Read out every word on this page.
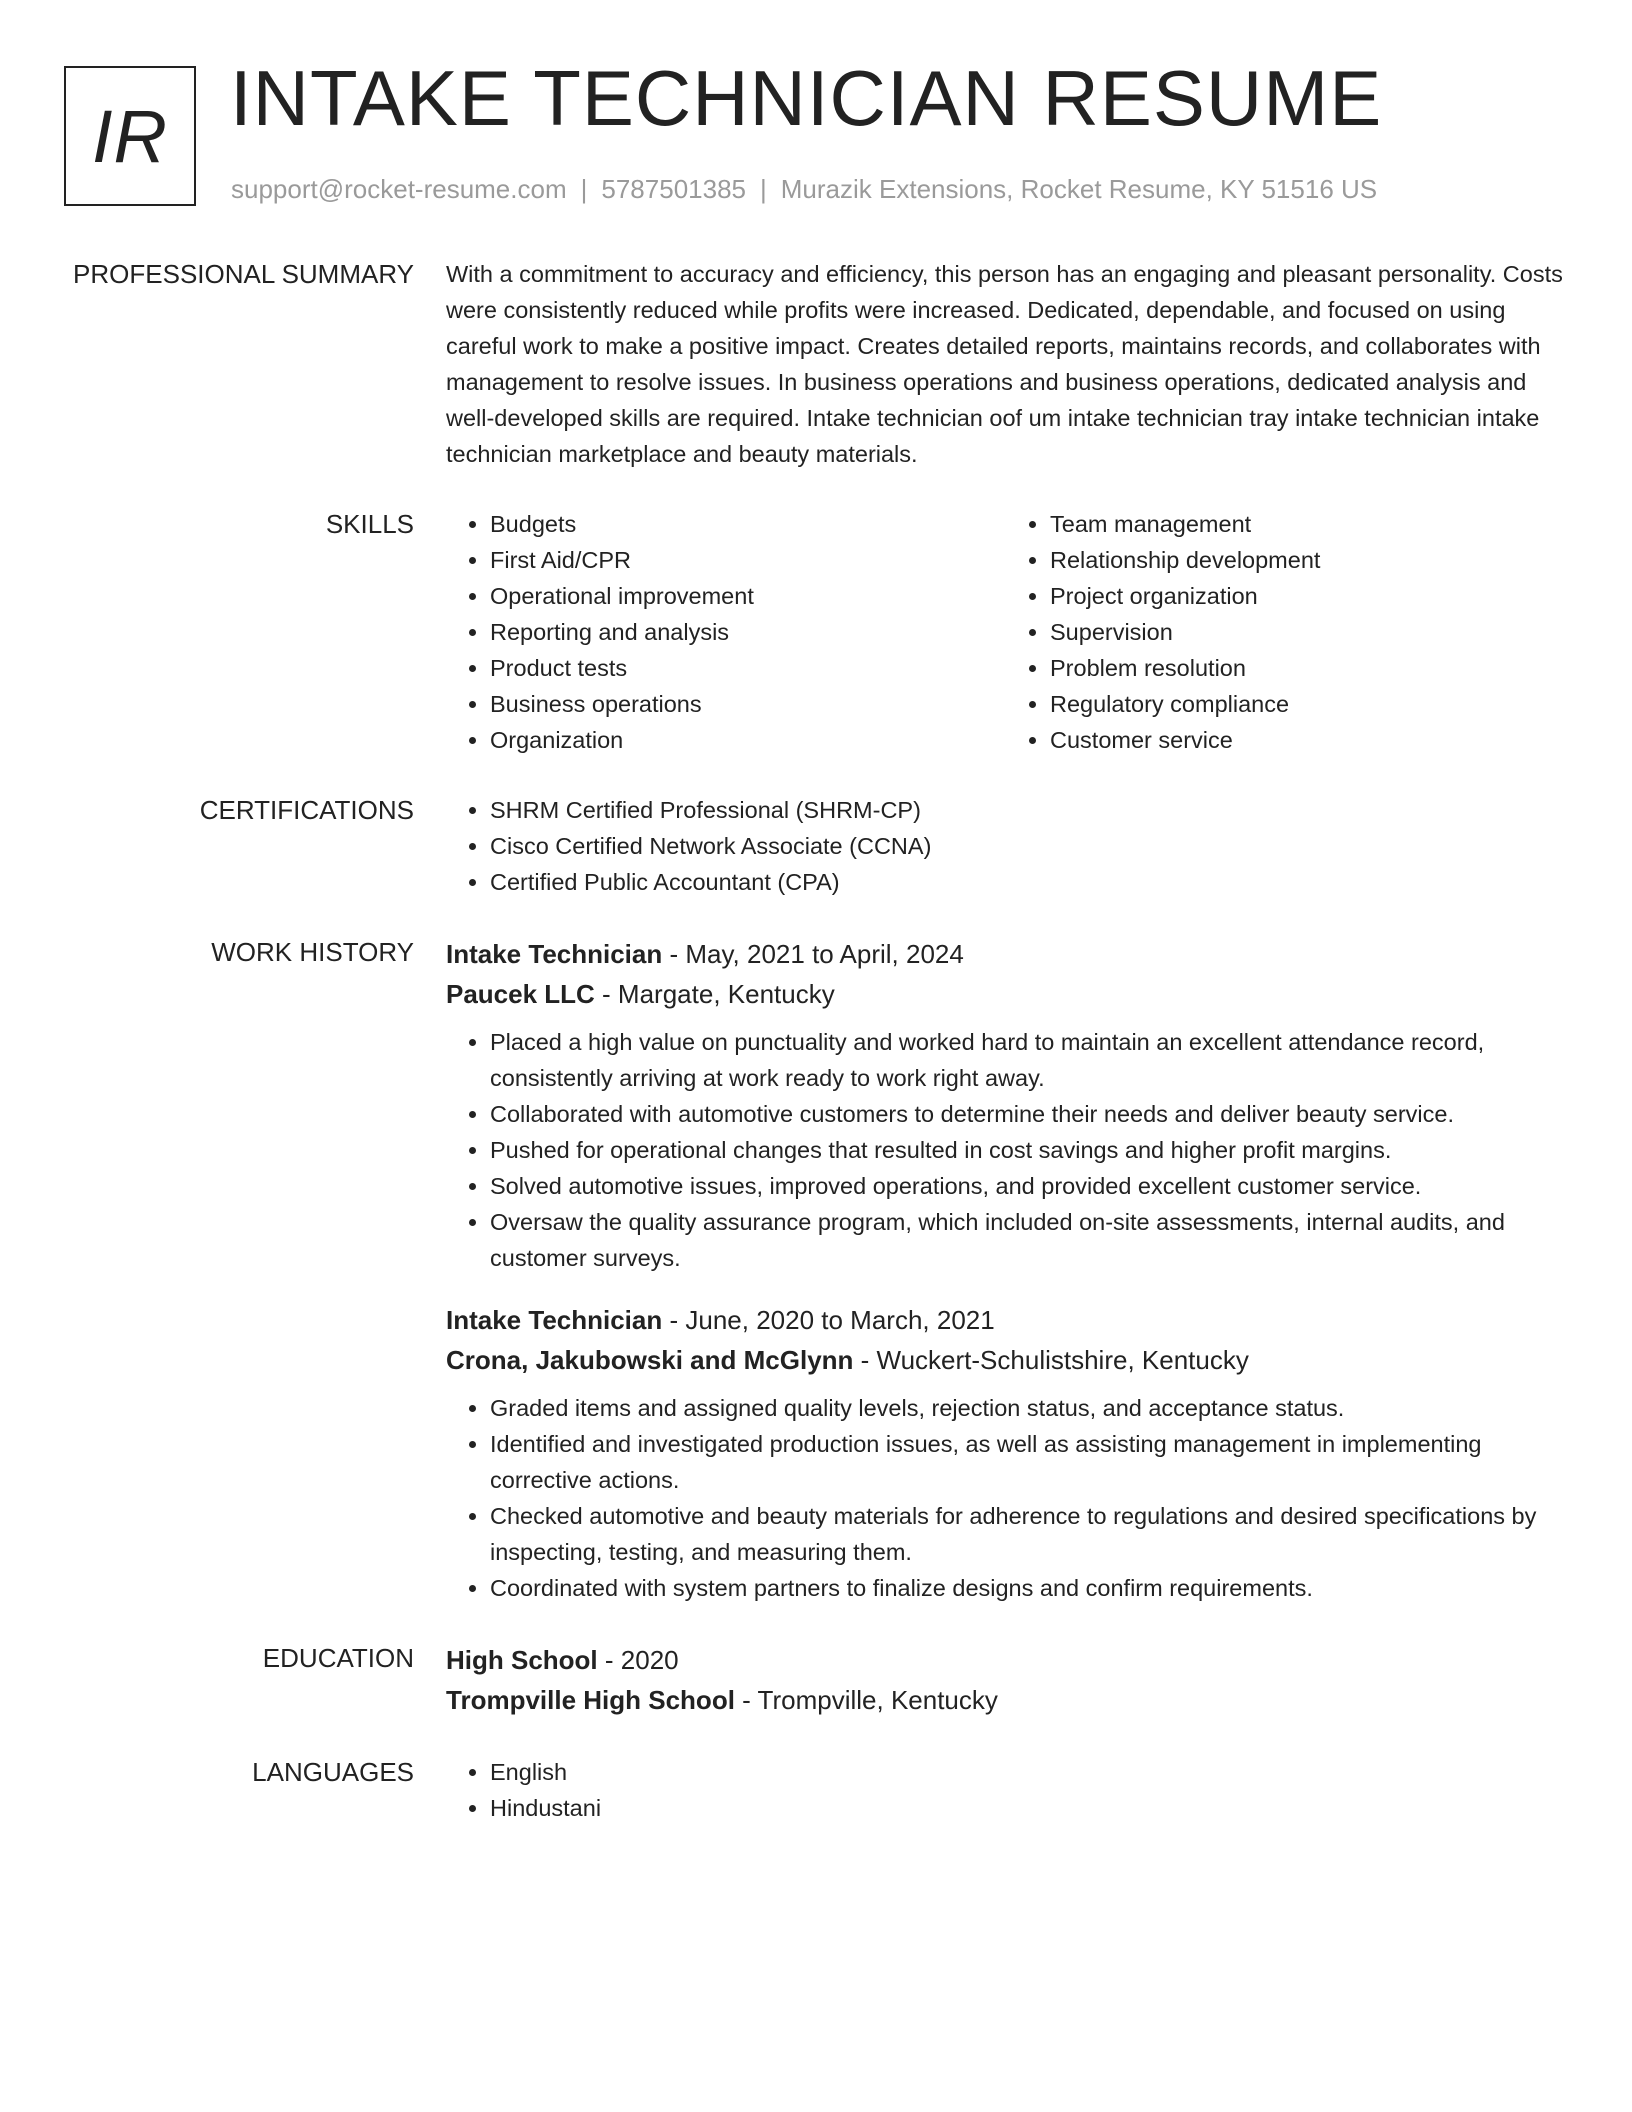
IR INTAKE TECHNICIAN RESUME
support@rocket-resume.com | 5787501385 | Murazik Extensions, Rocket Resume, KY 51516 US
PROFESSIONAL SUMMARY With a commitment to accuracy and efficiency, this person has an engaging and pleasant personality. Costs were consistently reduced while profits were increased. Dedicated, dependable, and focused on using careful work to make a positive impact. Creates detailed reports, maintains records, and collaborates with management to resolve issues. In business operations and business operations, dedicated analysis and well-developed skills are required. Intake technician oof um intake technician tray intake technician intake technician marketplace and beauty materials.
SKILLS	• Budgets
• First Aid/CPR
• Operational improvement
• Reporting and analysis
• Product tests
• Business operations
• Organization
• Team management
• Relationship development
• Project organization
• Supervision
• Problem resolution
• Regulatory compliance
• Customer service
CERTIFICATIONS	• SHRM Certified Professional (SHRM-CP)
• Cisco Certified Network Associate (CCNA)
• Certified Public Accountant (CPA)
WORK HISTORY Intake Technician - May, 2021 to April, 2024
Paucek LLC - Margate, Kentucky
• Placed a high value on punctuality and worked hard to maintain an excellent attendance record, consistently arriving at work ready to work right away.
• Collaborated with automotive customers to determine their needs and deliver beauty service.
• Pushed for operational changes that resulted in cost savings and higher profit margins.
• Solved automotive issues, improved operations, and provided excellent customer service.
• Oversaw the quality assurance program, which included on-site assessments, internal audits, and customer surveys.
Intake Technician - June, 2020 to March, 2021
Crona, Jakubowski and McGlynn - Wuckert-Schulistshire, Kentucky
• Graded items and assigned quality levels, rejection status, and acceptance status.
• Identified and investigated production issues, as well as assisting management in implementing corrective actions.
• Checked automotive and beauty materials for adherence to regulations and desired specifications by inspecting, testing, and measuring them.
• Coordinated with system partners to finalize designs and confirm requirements.
EDUCATION High School - 2020
Trompville High School - Trompville, Kentucky
LANGUAGES	• English
• Hindustani
